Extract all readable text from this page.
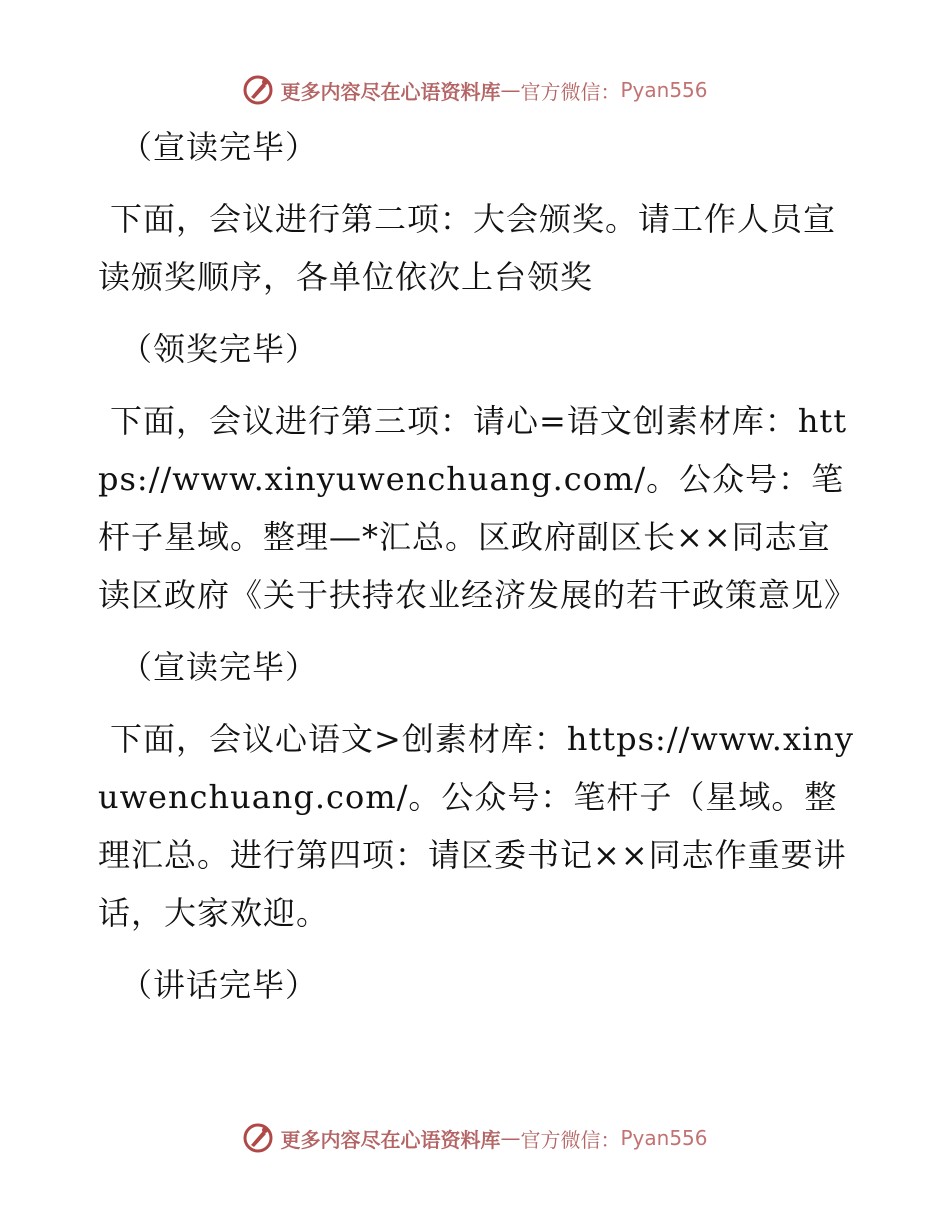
更多内容尽在心语资料库 — 官方微信： Pyan556

（宣读完毕）

下面，会议进行第二项：大会颁奖。请工作人员宣读颁奖顺序，各单位依次上台领奖

（领奖完毕）

下面，会议进行第三项：请心=语文创素材库：https://www.xinyuwenchuang.com/。公众号：笔杆子星域。整理—*汇总。区政府副区长××同志宣读区政府《关于扶持农业经济发展的若干政策意见》

（宣读完毕）

下面，会议心语文>创素材库：https://www.xinyuwenchuang.com/。公众号：笔杆子（星域。整理汇总。进行第四项：请区委书记××同志作重要讲话，大家欢迎。

（讲话完毕）

更多内容尽在心语资料库 — 官方微信： Pyan556
